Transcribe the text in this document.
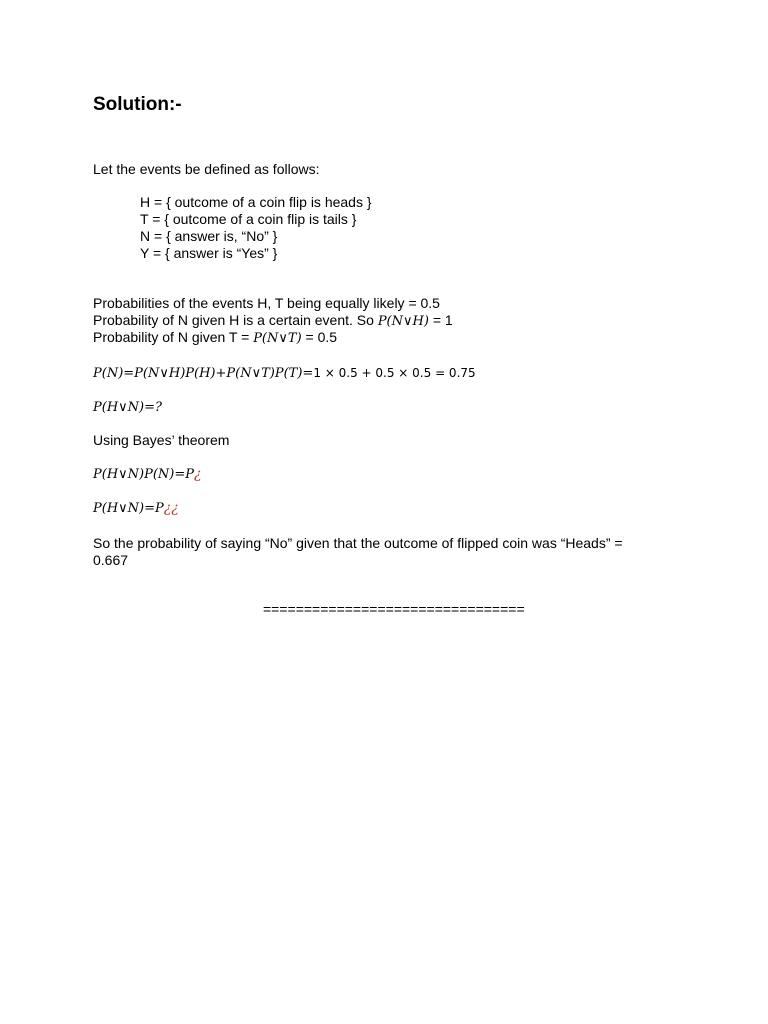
Solution:-
Let the events be defined as follows:
H = { outcome of a coin flip is heads }
T = { outcome of a coin flip is tails }
N = { answer is, “No” }
Y = { answer is “Yes” }
Probabilities of the events H, T being equally likely = 0.5
Probability of N given H is a certain event. So P(N∨H) = 1
Probability of N given T = P(N∨T) = 0.5
P(N)=P(N∨H)P(H)+P(N∨T)P(T)=1 × 0.5 + 0.5 × 0.5 = 0.75
P(H∨N)=?
Using Bayes’ theorem
P(H∨N)P(N)=P¿
P(H∨N)=P¿¿
So the probability of saying “No” given that the outcome of flipped coin was “Heads” =
0.667
================================
